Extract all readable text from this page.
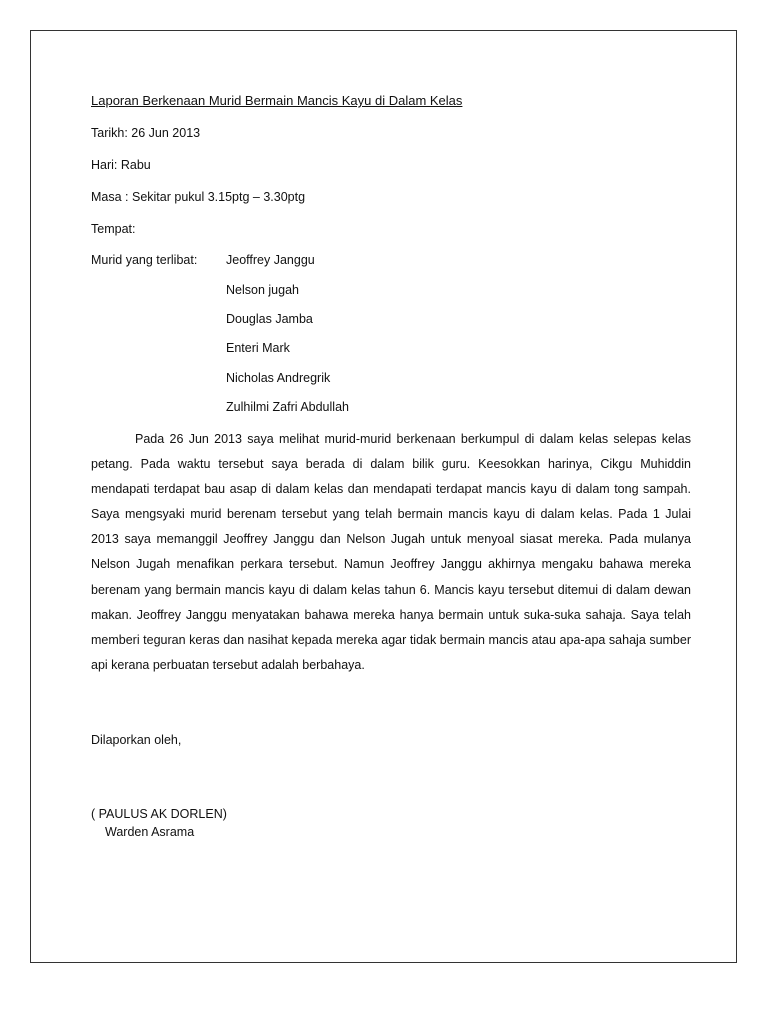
Laporan Berkenaan Murid Bermain Mancis Kayu di Dalam Kelas
Tarikh: 26 Jun 2013
Hari: Rabu
Masa : Sekitar pukul 3.15ptg – 3.30ptg
Tempat:
Murid yang terlibat: Jeoffrey Janggu
Nelson jugah
Douglas Jamba
Enteri Mark
Nicholas Andregrik
Zulhilmi Zafri Abdullah

Pada 26 Jun 2013 saya melihat murid-murid berkenaan berkumpul di dalam kelas selepas kelas petang. Pada waktu tersebut saya berada di dalam bilik guru. Keesokkan harinya, Cikgu Muhiddin mendapati terdapat bau asap di dalam kelas dan mendapati terdapat mancis kayu di dalam tong sampah. Saya mengsyaki murid berenam tersebut yang telah bermain mancis kayu di dalam kelas. Pada 1 Julai 2013 saya memanggil Jeoffrey Janggu dan Nelson Jugah untuk menyoal siasat mereka. Pada mulanya Nelson Jugah menafikan perkara tersebut. Namun Jeoffrey Janggu akhirnya mengaku bahawa mereka berenam yang bermain mancis kayu di dalam kelas tahun 6. Mancis kayu tersebut ditemui di dalam dewan makan. Jeoffrey Janggu menyatakan bahawa mereka hanya bermain untuk suka-suka sahaja. Saya telah memberi teguran keras dan nasihat kepada mereka agar tidak bermain mancis atau apa-apa sahaja sumber api kerana perbuatan tersebut adalah berbahaya.

Dilaporkan oleh,
( PAULUS AK DORLEN)
Warden Asrama
